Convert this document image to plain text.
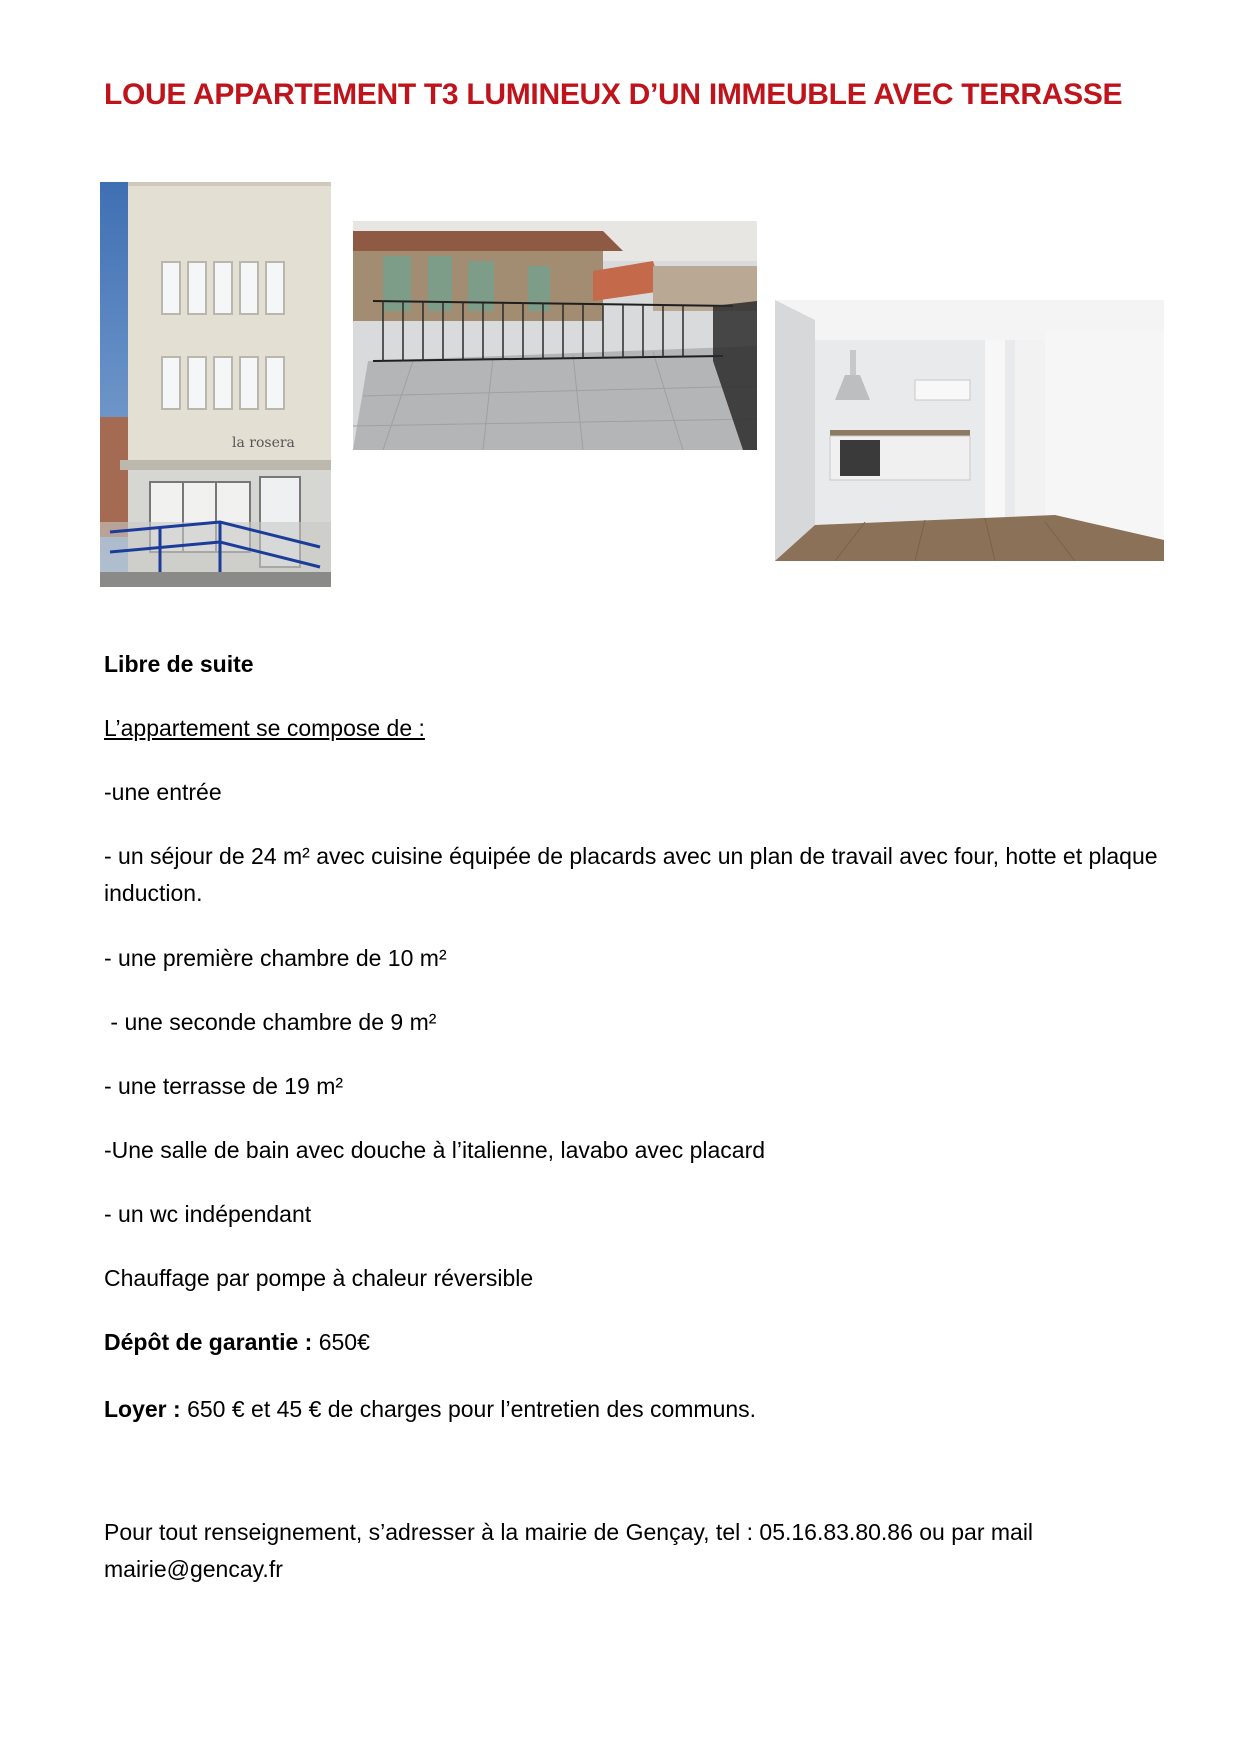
LOUE APPARTEMENT T3 LUMINEUX D’UN IMMEUBLE AVEC TERRASSE
la rosera
Libre de suite
L’appartement se compose de :
-une entrée
- un séjour de 24 m² avec cuisine équipée de placards avec un plan de travail avec four, hotte et plaque induction.
- une première chambre de 10 m²
- une seconde chambre de 9 m²
- une terrasse de 19 m²
-Une salle de bain avec douche à l’italienne, lavabo avec placard
- un wc indépendant
Chauffage par pompe à chaleur réversible
Dépôt de garantie : 650€
Loyer : 650 € et 45 € de charges pour l’entretien des communs.
Pour tout renseignement, s’adresser à la mairie de Gençay, tel : 05.16.83.80.86 ou par mail mairie@gencay.fr
